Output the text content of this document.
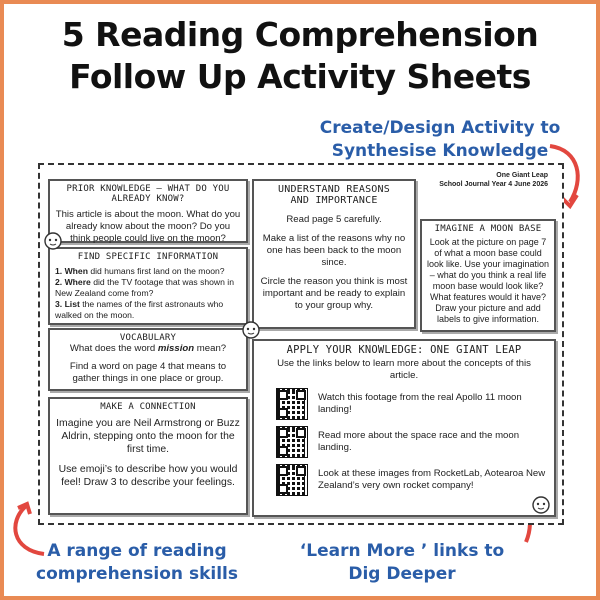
5 Reading Comprehension
Follow Up Activity Sheets
Create/Design Activity to
Synthesise Knowledge
One Giant Leap
School Journal Year 4 June 2026
PRIOR KNOWLEDGE – WHAT DO YOU ALREADY KNOW?
This article is about the moon. What do you already know about the moon? Do you think people could live on the moon?
FIND SPECIFIC INFORMATION
1. When did humans first land on the moon?
2. Where did the TV footage that was shown in New Zealand come from?
3. List the names of the first astronauts who walked on the moon.
VOCABULARY
What does the word mission mean?
Find a word on page 4 that means to gather things in one place or group.
MAKE A CONNECTION

Imagine you are Neil Armstrong or Buzz Aldrin, stepping onto the moon for the first time.

Use emoji’s to describe how you would feel! Draw 3 to describe your feelings.

UNDERSTAND REASONS
AND IMPORTANCE

Read page 5 carefully.

Make a list of the reasons why no one has been back to the moon since.

Circle the reason you think is most important and be ready to explain to your group why.

IMAGINE A MOON BASE
Look at the picture on page 7 of what a moon base could look like. Use your imagination – what do you think a real life moon base would look like? What features would it have? Draw your picture and add labels to give information.
APPLY YOUR KNOWLEDGE: ONE GIANT LEAP
Use the links below to learn more about the concepts of this article.
Watch this footage from the real Apollo 11 moon landing!
Read more about the space race and the moon landing.
Look at these images from RocketLab, Aotearoa New Zealand’s very own rocket company!
A range of reading
comprehension skills
‘Learn More ’ links to
Dig Deeper
